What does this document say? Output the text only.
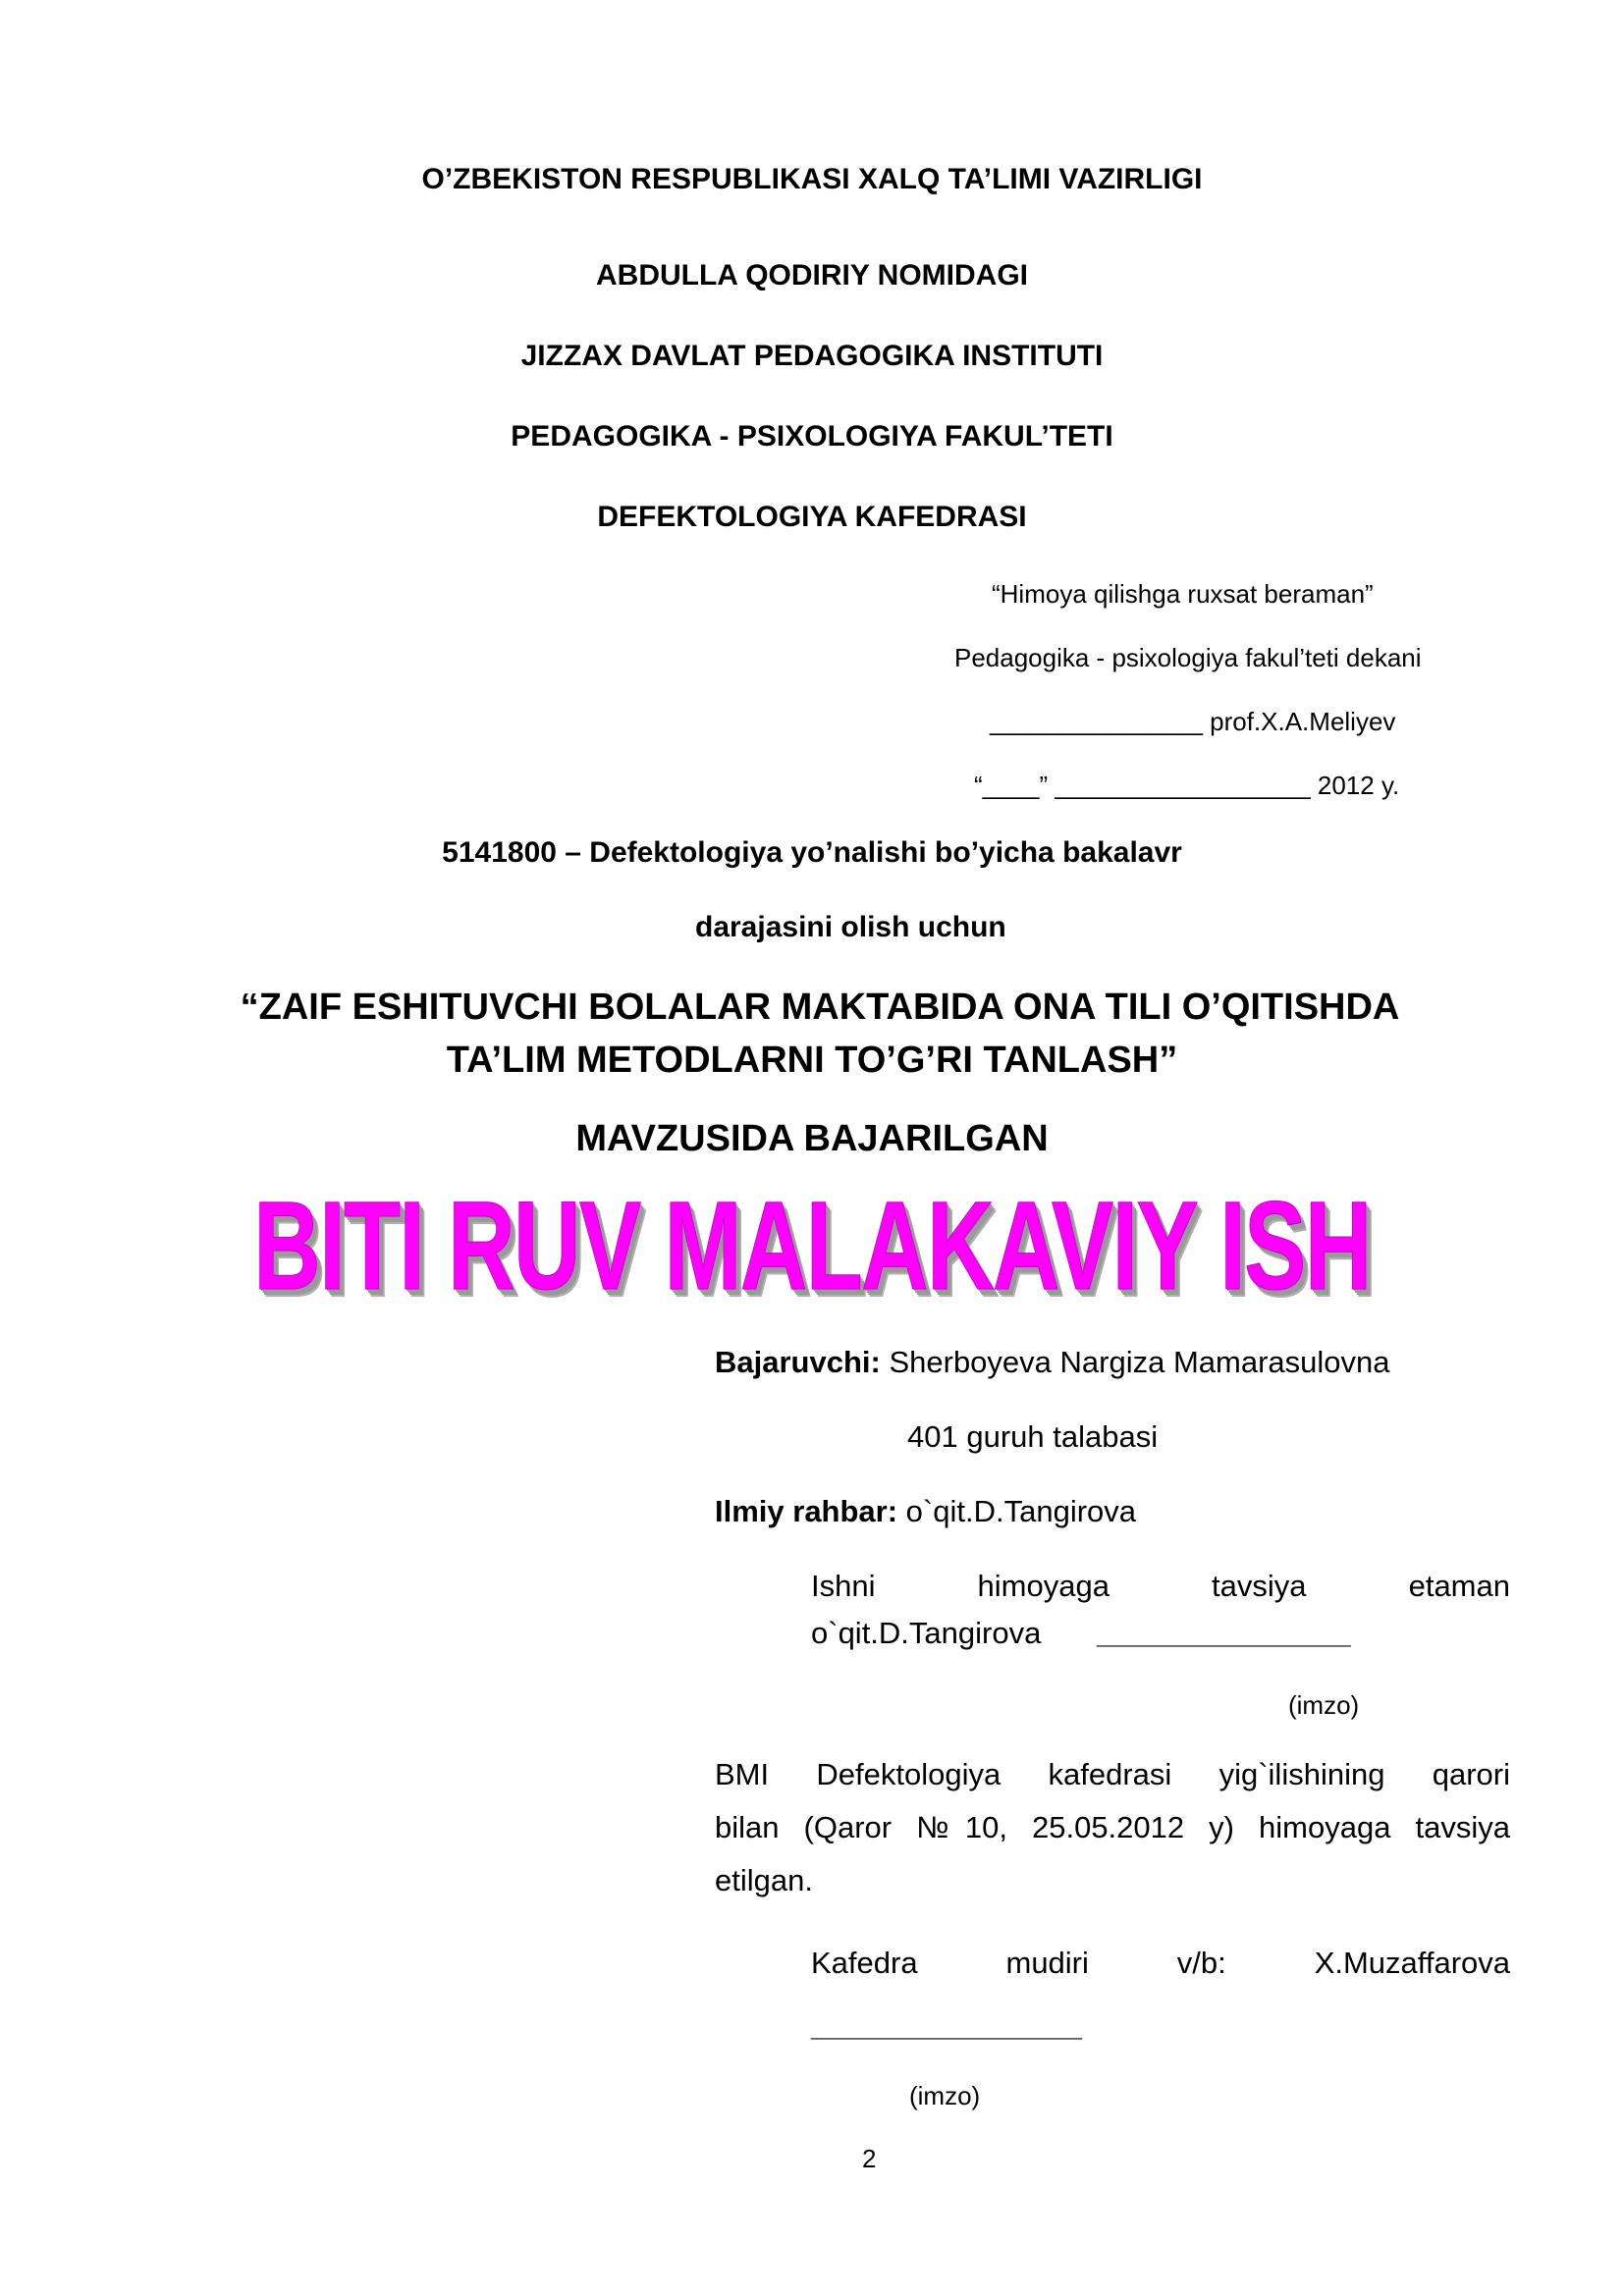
O’ZBEKISTON RESPUBLIKASI XALQ TA’LIMI VAZIRLIGI
ABDULLA QODIRIY NOMIDAGI
JIZZAX DAVLAT PEDAGOGIKA INSTITUTI
PEDAGOGIKA - PSIXOLOGIYA FAKUL’TETI
DEFEKTOLOGIYA KAFEDRASI
“Himoya qilishga ruxsat beraman”
Pedagogika - psixologiya fakul’teti dekani
_______________ prof.X.A.Meliyev
“____” __________________ 2012 y.
5141800 – Defektologiya yo’nalishi bo’yicha bakalavr
darajasini olish uchun
“ZAIF ESHITUVCHI BOLALAR MAKTABIDA ONA TILI O’QITISHDA
TA’LIM METODLARNI TO’G’RI TANLASH”
MAVZUSIDA BAJARILGAN
BITI RUV MALAKAVIY ISH
Bajaruvchi: Sherboyeva Nargiza Mamarasulovna
401 guruh talabasi
Ilmiy rahbar: o`qit.D.Tangirova
Ishni himoyaga tavsiya etaman
o`qit.D.Tangirova _______________
(imzo)
BMI Defektologiya kafedrasi yig`ilishining qarori
bilan (Qaror №10, 25.05.2012 y) himoyaga tavsiya
etilgan.
Kafedra mudiri v/b: X.Muzaffarova
________________
(imzo)
2
